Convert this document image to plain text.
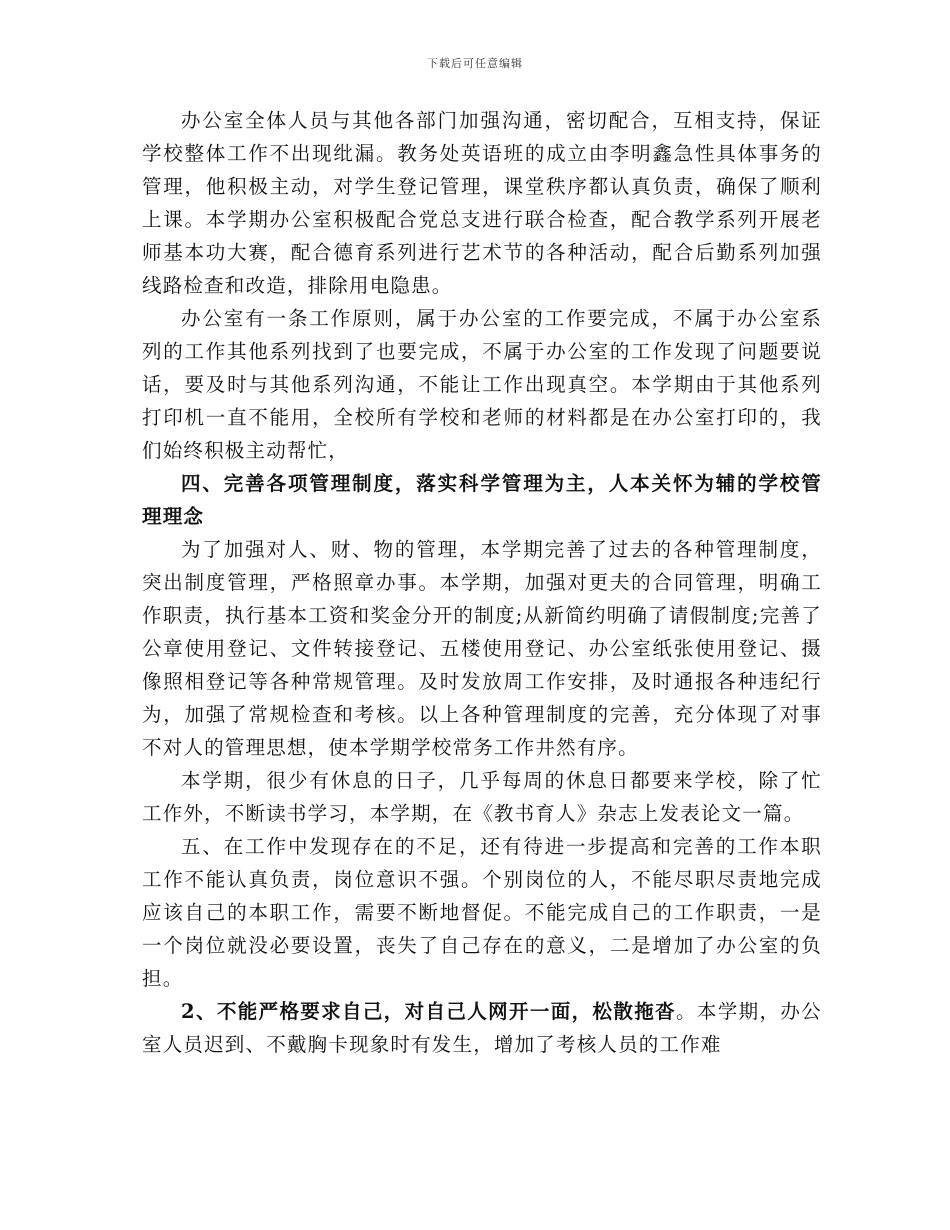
下载后可任意编辑

办公室全体人员与其他各部门加强沟通，密切配合，互相支持，保证学校整体工作不出现纰漏。教务处英语班的成立由李明鑫急性具体事务的管理，他积极主动，对学生登记管理，课堂秩序都认真负责，确保了顺利上课。本学期办公室积极配合党总支进行联合检查，配合教学系列开展老师基本功大赛，配合德育系列进行艺术节的各种活动，配合后勤系列加强线路检查和改造，排除用电隐患。

办公室有一条工作原则，属于办公室的工作要完成，不属于办公室系列的工作其他系列找到了也要完成，不属于办公室的工作发现了问题要说话，要及时与其他系列沟通，不能让工作出现真空。本学期由于其他系列打印机一直不能用，全校所有学校和老师的材料都是在办公室打印的，我们始终积极主动帮忙，

四、完善各项管理制度，落实科学管理为主，人本关怀为辅的学校管理理念

为了加强对人、财、物的管理，本学期完善了过去的各种管理制度，突出制度管理，严格照章办事。本学期，加强对更夫的合同管理，明确工作职责，执行基本工资和奖金分开的制度;从新简约明确了请假制度;完善了公章使用登记、文件转接登记、五楼使用登记、办公室纸张使用登记、摄像照相登记等各种常规管理。及时发放周工作安排，及时通报各种违纪行为，加强了常规检查和考核。以上各种管理制度的完善，充分体现了对事不对人的管理思想，使本学期学校常务工作井然有序。

本学期，很少有休息的日子，几乎每周的休息日都要来学校，除了忙工作外，不断读书学习，本学期，在《教书育人》杂志上发表论文一篇。

五、在工作中发现存在的不足，还有待进一步提高和完善的工作本职工作不能认真负责，岗位意识不强。个别岗位的人，不能尽职尽责地完成应该自己的本职工作，需要不断地督促。不能完成自己的工作职责，一是一个岗位就没必要设置，丧失了自己存在的意义，二是增加了办公室的负担。

2、不能严格要求自己，对自己人网开一面，松散拖沓。本学期，办公室人员迟到、不戴胸卡现象时有发生，增加了考核人员的工作难
